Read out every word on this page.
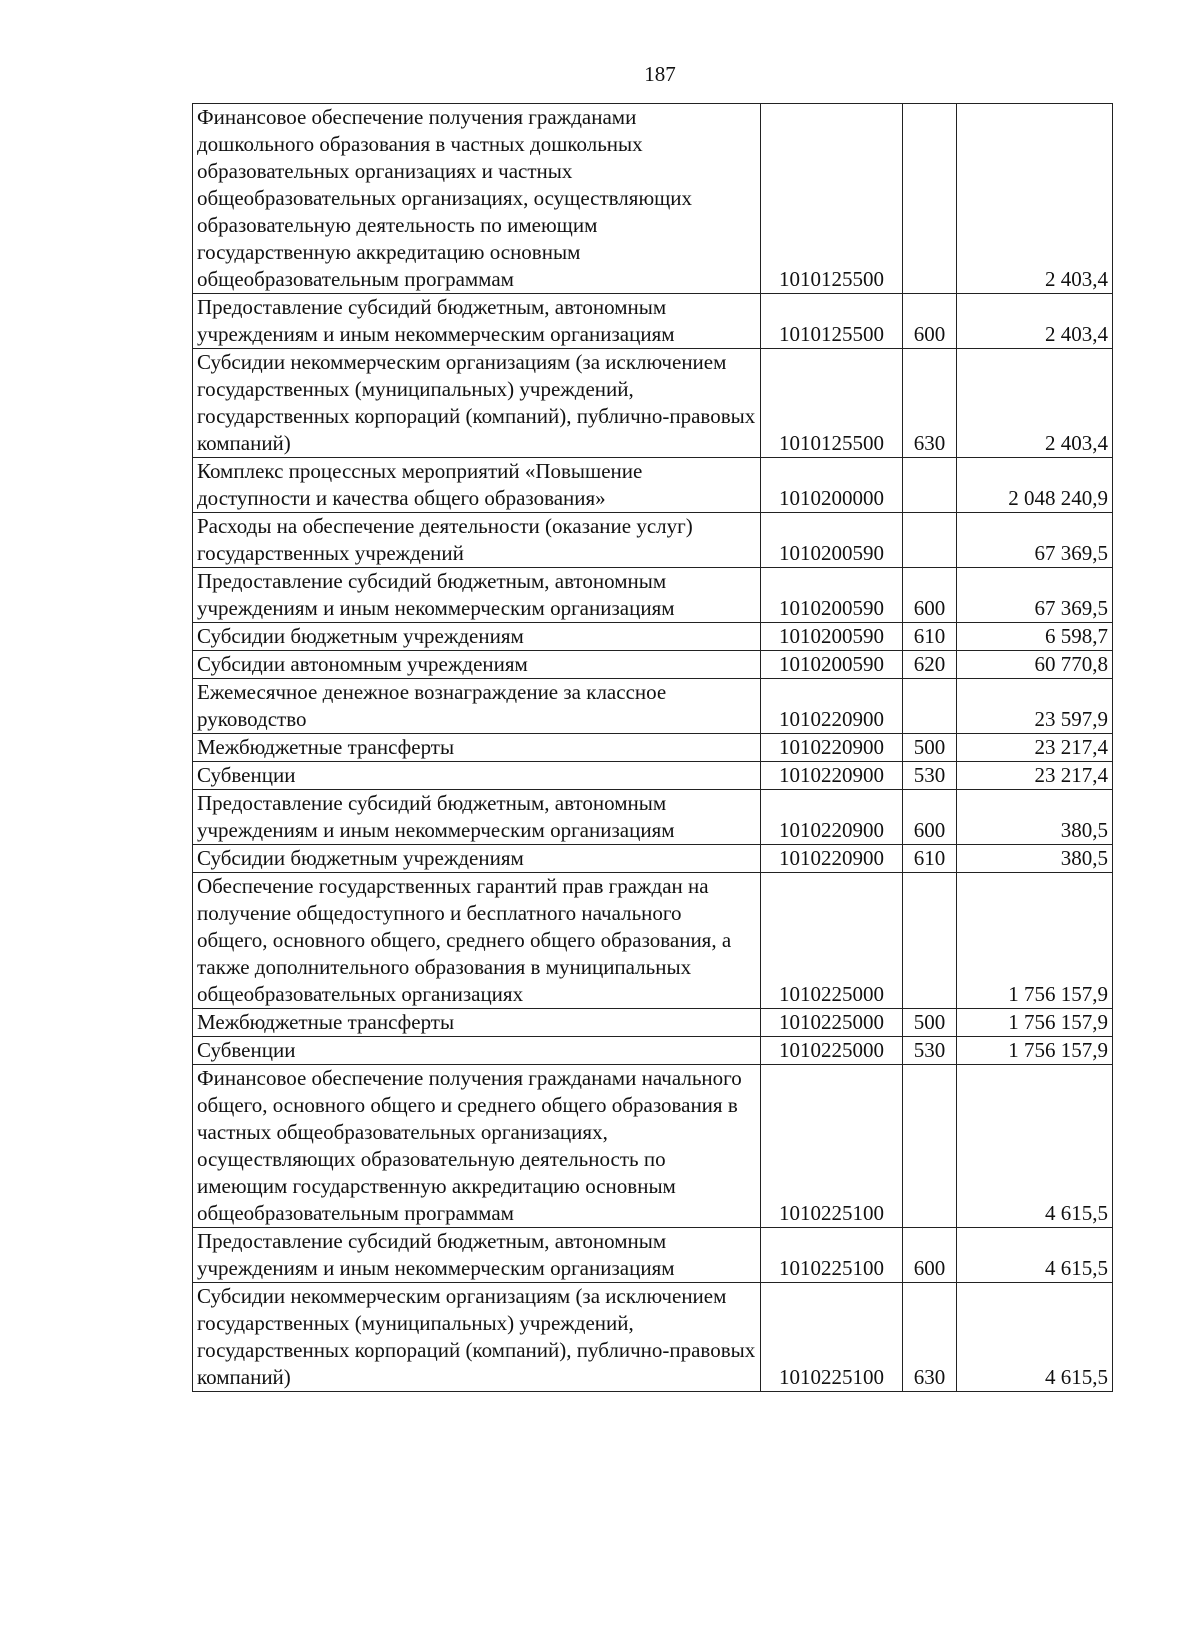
187
Финансовое обеспечение получения гражданами дошкольного образования в частных дошкольных образовательных организациях и частных общеобразовательных организациях, осуществляющих образовательную деятельность по имеющим государственную аккредитацию основным общеобразовательным программам	1010125500		2 403,4
Предоставление субсидий бюджетным, автономным учреждениям и иным некоммерческим организациям	1010125500	600	2 403,4
Субсидии некоммерческим организациям (за исключением государственных (муниципальных) учреждений, государственных корпораций (компаний), публично-правовых компаний)	1010125500	630	2 403,4
Комплекс процессных мероприятий «Повышение доступности и качества общего образования»	1010200000		2 048 240,9
Расходы на обеспечение деятельности (оказание услуг) государственных учреждений	1010200590		67 369,5
Предоставление субсидий бюджетным, автономным учреждениям и иным некоммерческим организациям	1010200590	600	67 369,5
Субсидии бюджетным учреждениям	1010200590	610	6 598,7
Субсидии автономным учреждениям	1010200590	620	60 770,8
Ежемесячное денежное вознаграждение за классное руководство	1010220900		23 597,9
Межбюджетные трансферты	1010220900	500	23 217,4
Субвенции	1010220900	530	23 217,4
Предоставление субсидий бюджетным, автономным учреждениям и иным некоммерческим организациям	1010220900	600	380,5
Субсидии бюджетным учреждениям	1010220900	610	380,5
Обеспечение государственных гарантий прав граждан на получение общедоступного и бесплатного начального общего, основного общего, среднего общего образования, а также дополнительного образования в муниципальных общеобразовательных организациях	1010225000		1 756 157,9
Межбюджетные трансферты	1010225000	500	1 756 157,9
Субвенции	1010225000	530	1 756 157,9
Финансовое обеспечение получения гражданами начального общего, основного общего и среднего общего образования в частных общеобразовательных организациях, осуществляющих образовательную деятельность по имеющим государственную аккредитацию основным общеобразовательным программам	1010225100		4 615,5
Предоставление субсидий бюджетным, автономным учреждениям и иным некоммерческим организациям	1010225100	600	4 615,5
Субсидии некоммерческим организациям (за исключением государственных (муниципальных) учреждений, государственных корпораций (компаний), публично-правовых компаний)	1010225100	630	4 615,5
